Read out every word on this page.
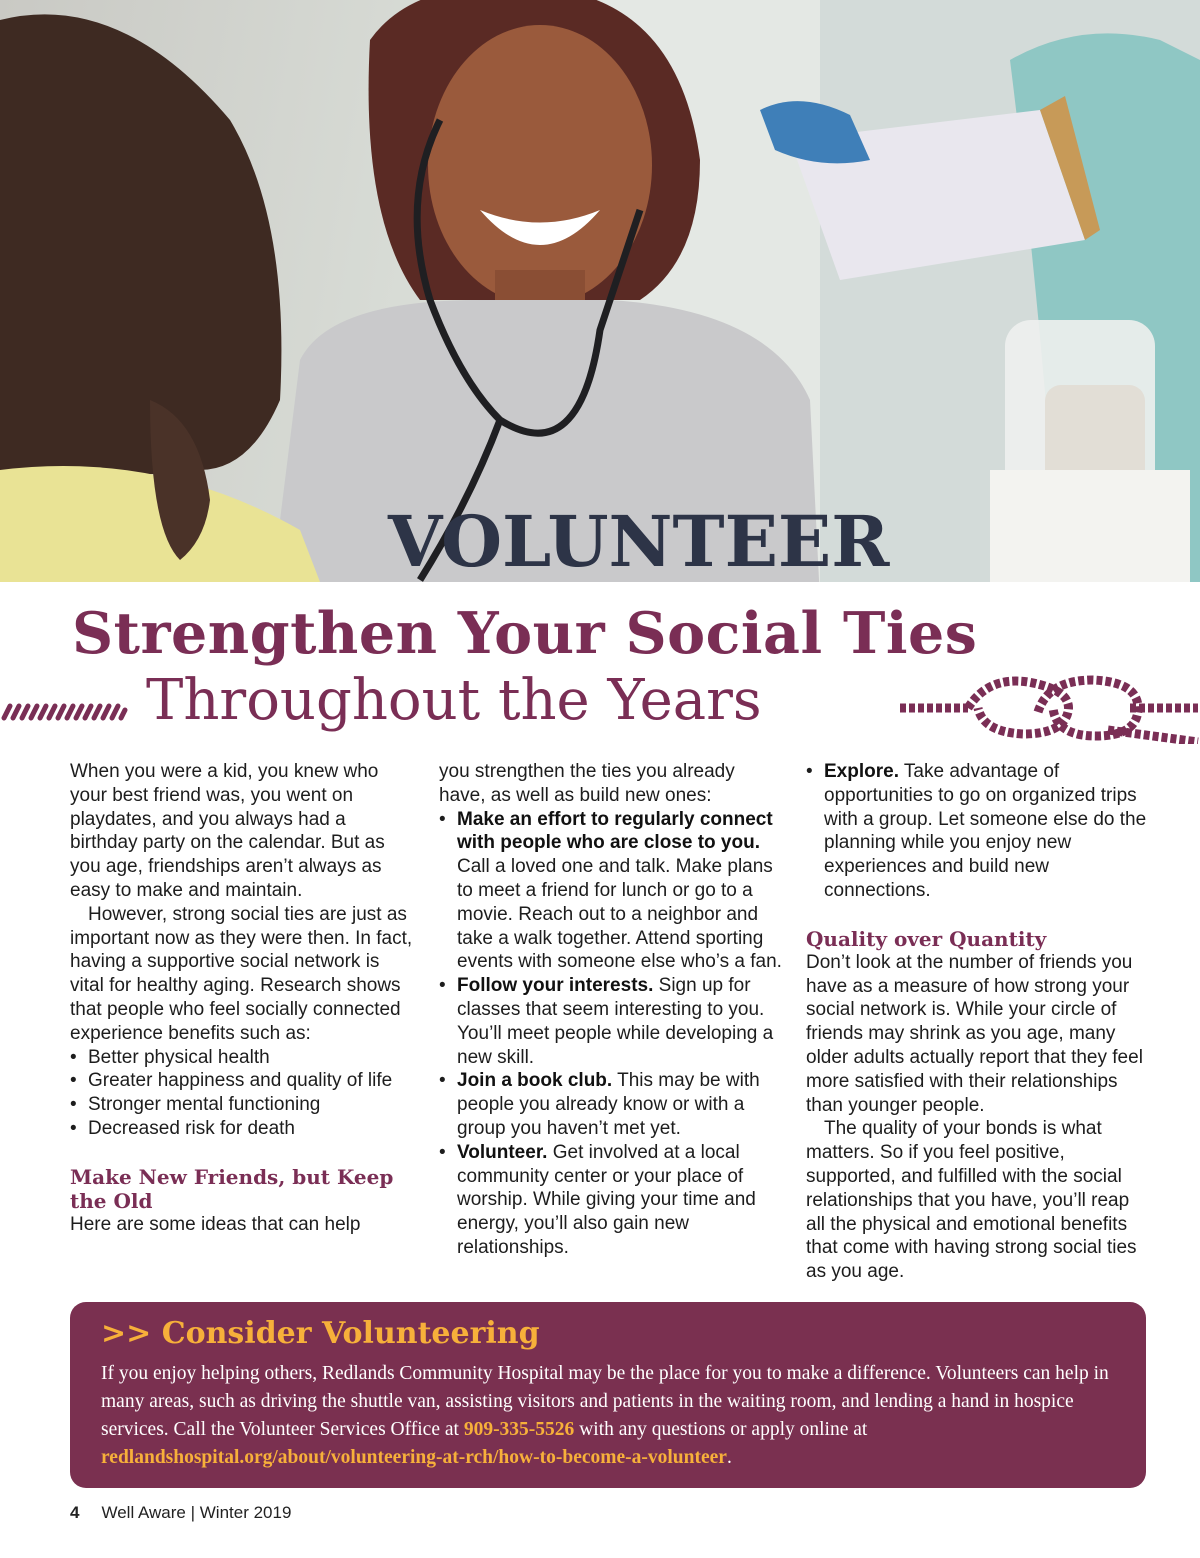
VOLUNTEER
Strengthen Your Social Ties
Throughout the Years

When you were a kid, you knew who your best friend was, you went on playdates, and you always had a birthday party on the calendar. But as you age, friendships aren’t always as easy to make and maintain.

However, strong social ties are just as important now as they were then. In fact, having a supportive social network is vital for healthy aging. Research shows that people who feel socially connected experience benefits such as:

• Better physical health
• Greater happiness and quality of life
• Stronger mental functioning
• Decreased risk for death
Make New Friends, but Keep the Old

Here are some ideas that can help

you strengthen the ties you already have, as well as build new ones:

• Make an effort to regularly connect with people who are close to you. Call a loved one and talk. Make plans to meet a friend for lunch or go to a movie. Reach out to a neighbor and take a walk together. Attend sporting events with someone else who’s a fan.
• Follow your interests. Sign up for classes that seem interesting to you. You’ll meet people while developing a new skill.
• Join a book club. This may be with people you already know or with a group you haven’t met yet.
• Volunteer. Get involved at a local community center or your place of worship. While giving your time and energy, you’ll also gain new relationships.
• Explore. Take advantage of opportunities to go on organized trips with a group. Let someone else do the planning while you enjoy new experiences and build new connections.
Quality over Quantity

Don’t look at the number of friends you have as a measure of how strong your social network is. While your circle of friends may shrink as you age, many older adults actually report that they feel more satisfied with their relationships than younger people.

The quality of your bonds is what matters. So if you feel positive, supported, and fulfilled with the social relationships that you have, you’ll reap all the physical and emotional benefits that come with having strong social ties as you age.

>> Consider Volunteering

If you enjoy helping others, Redlands Community Hospital may be the place for you to make a difference. Volunteers can help in many areas, such as driving the shuttle van, assisting visitors and patients in the waiting room, and lending a hand in hospice services. Call the Volunteer Services Office at 909-335-5526 with any questions or apply online at redlandshospital.org/about/volunteering-at-rch/how-to-become-a-volunteer.

4 Well Aware | Winter 2019
